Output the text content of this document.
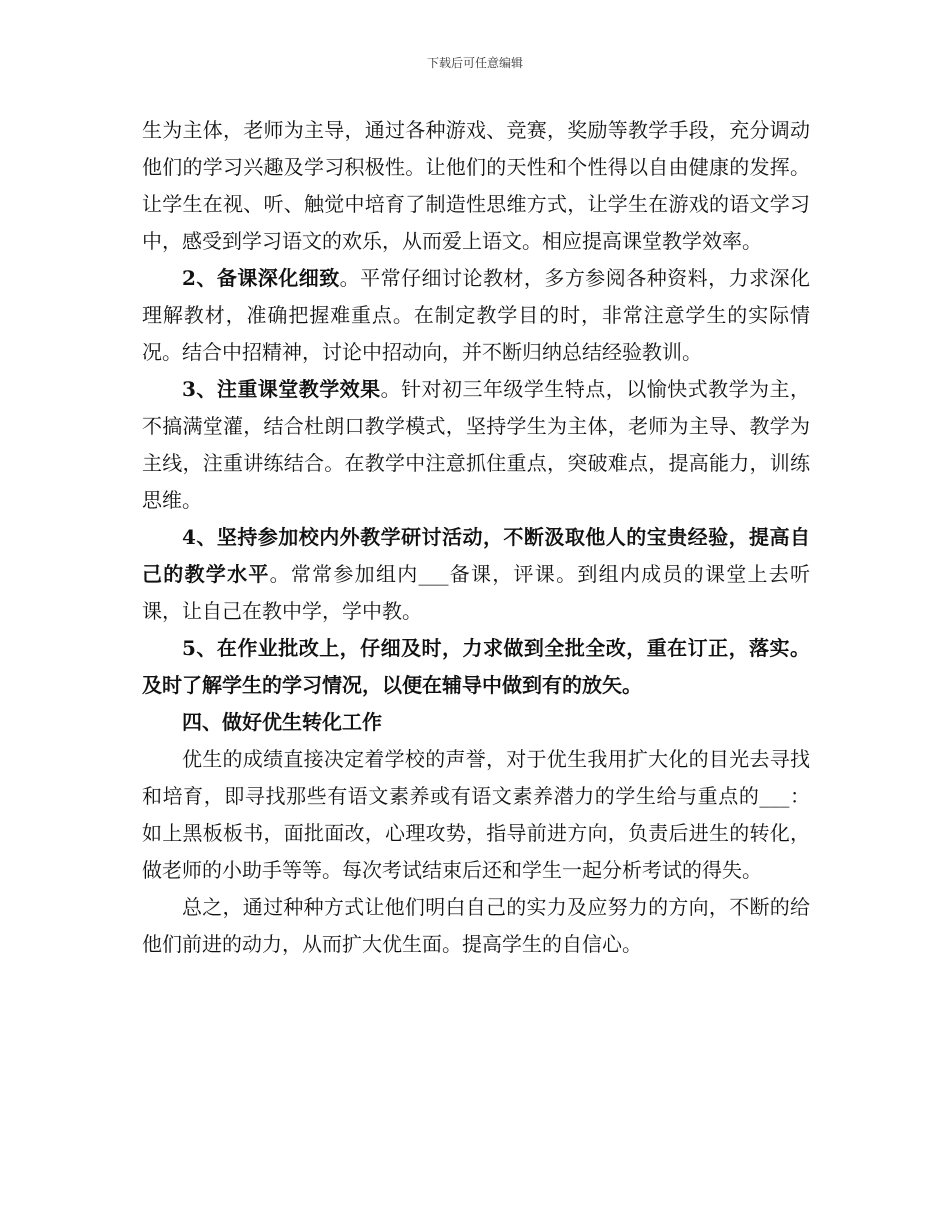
下载后可任意编辑

生为主体，老师为主导，通过各种游戏、竞赛，奖励等教学手段，充分调动他们的学习兴趣及学习积极性。让他们的天性和个性得以自由健康的发挥。让学生在视、听、触觉中培育了制造性思维方式，让学生在游戏的语文学习中，感受到学习语文的欢乐，从而爱上语文。相应提高课堂教学效率。

2、备课深化细致。平常仔细讨论教材，多方参阅各种资料，力求深化理解教材，准确把握难重点。在制定教学目的时，非常注意学生的实际情况。结合中招精神，讨论中招动向，并不断归纳总结经验教训。

3、注重课堂教学效果。针对初三年级学生特点，以愉快式教学为主，不搞满堂灌，结合杜朗口教学模式，坚持学生为主体，老师为主导、教学为主线，注重讲练结合。在教学中注意抓住重点，突破难点，提高能力，训练思维。

4、坚持参加校内外教学研讨活动，不断汲取他人的宝贵经验，提高自己的教学水平。常常参加组内___备课，评课。到组内成员的课堂上去听课，让自己在教中学，学中教。

5、在作业批改上，仔细及时，力求做到全批全改，重在订正，落实。及时了解学生的学习情况，以便在辅导中做到有的放矢。

四、做好优生转化工作

优生的成绩直接决定着学校的声誉，对于优生我用扩大化的目光去寻找和培育，即寻找那些有语文素养或有语文素养潜力的学生给与重点的___：如上黑板板书，面批面改，心理攻势，指导前进方向，负责后进生的转化，做老师的小助手等等。每次考试结束后还和学生一起分析考试的得失。

总之，通过种种方式让他们明白自己的实力及应努力的方向，不断的给他们前进的动力，从而扩大优生面。提高学生的自信心。
